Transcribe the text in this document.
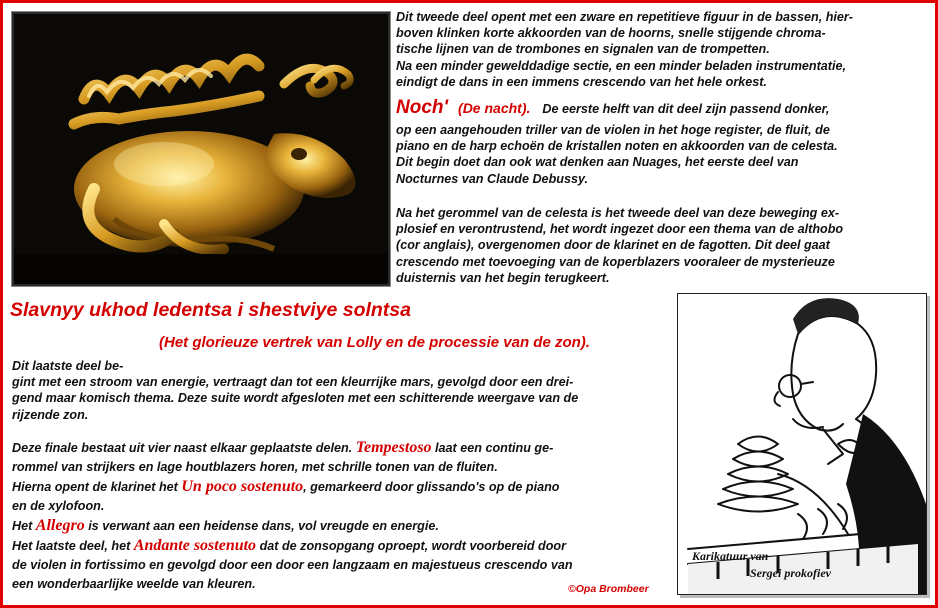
Dit tweede deel opent met een zware en repetitieve figuur in de bassen, hier-
boven klinken korte akkoorden van de hoorns, snelle stijgende chroma-
tische lijnen van de trombones en signalen van de trompetten.
Na een minder gewelddadige sectie, en een minder beladen instrumentatie,
eindigt de dans in een immens crescendo van het hele orkest.

Noch' (De nacht). De eerste helft van dit deel zijn passend donker,

op een aangehouden triller van de violen in het hoge register, de fluit, de
piano en de harp echoën de kristallen noten en akkoorden van de celesta.
Dit begin doet dan ook wat denken aan Nuages, het eerste deel van
Nocturnes van Claude Debussy.

Na het gerommel van de celesta is het tweede deel van deze beweging ex-
plosief en verontrustend, het wordt ingezet door een thema van de althobo
(cor anglais), overgenomen door de klarinet en de fagotten. Dit deel gaat
crescendo met toevoeging van de koperblazers vooraleer de mysterieuze
duisternis van het begin terugkeert.

Slavnyy ukhod ledentsa i shestviye solntsa
(Het glorieuze vertrek van Lolly en de processie van de zon).

Dit laatste deel be-
gint met een stroom van energie, vertraagt dan tot een kleurrijke mars, gevolgd door een drei-
gend maar komisch thema. Deze suite wordt afgesloten met een schitterende weergave van de
rijzende zon.

Deze finale bestaat uit vier naast elkaar geplaatste delen. Tempestoso laat een continu ge-
rommel van strijkers en lage houtblazers horen, met schrille tonen van de fluiten.
Hierna opent de klarinet het Un poco sostenuto, gemarkeerd door glissando's op de piano
en de xylofoon.
Het Allegro is verwant aan een heidense dans, vol vreugde en energie.
Het laatste deel, het Andante sostenuto dat de zonsopgang oproept, wordt voorbereid door
de violen in fortissimo en gevolgd door een door een langzaam en majestueus crescendo van
een wonderbaarlijke weelde van kleuren.	©Opa Brombeer
Karikatuur van
Sergei prokofiev
